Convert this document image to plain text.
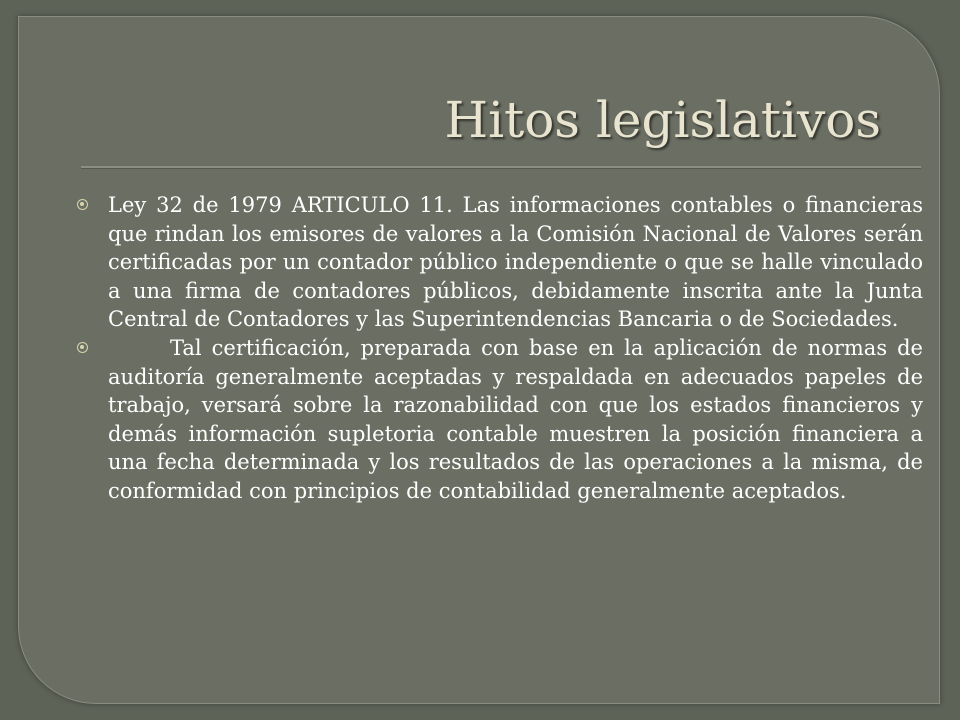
Hitos legislativos
Ley 32 de 1979 ARTICULO 11. Las informaciones contables o financieras que rindan los emisores de valores a la Comisión Nacional de Valores serán certificadas por un contador público independiente o que se halle vinculado a una firma de contadores públicos, debidamente inscrita ante la Junta Central de Contadores y las Superintendencias Bancaria o de Sociedades.
Tal certificación, preparada con base en la aplicación de normas de auditoría generalmente aceptadas y respaldada en adecuados papeles de trabajo, versará sobre la razonabilidad con que los estados financieros y demás información supletoria contable muestren la posición financiera a una fecha determinada y los resultados de las operaciones a la misma, de conformidad con principios de contabilidad generalmente aceptados.
